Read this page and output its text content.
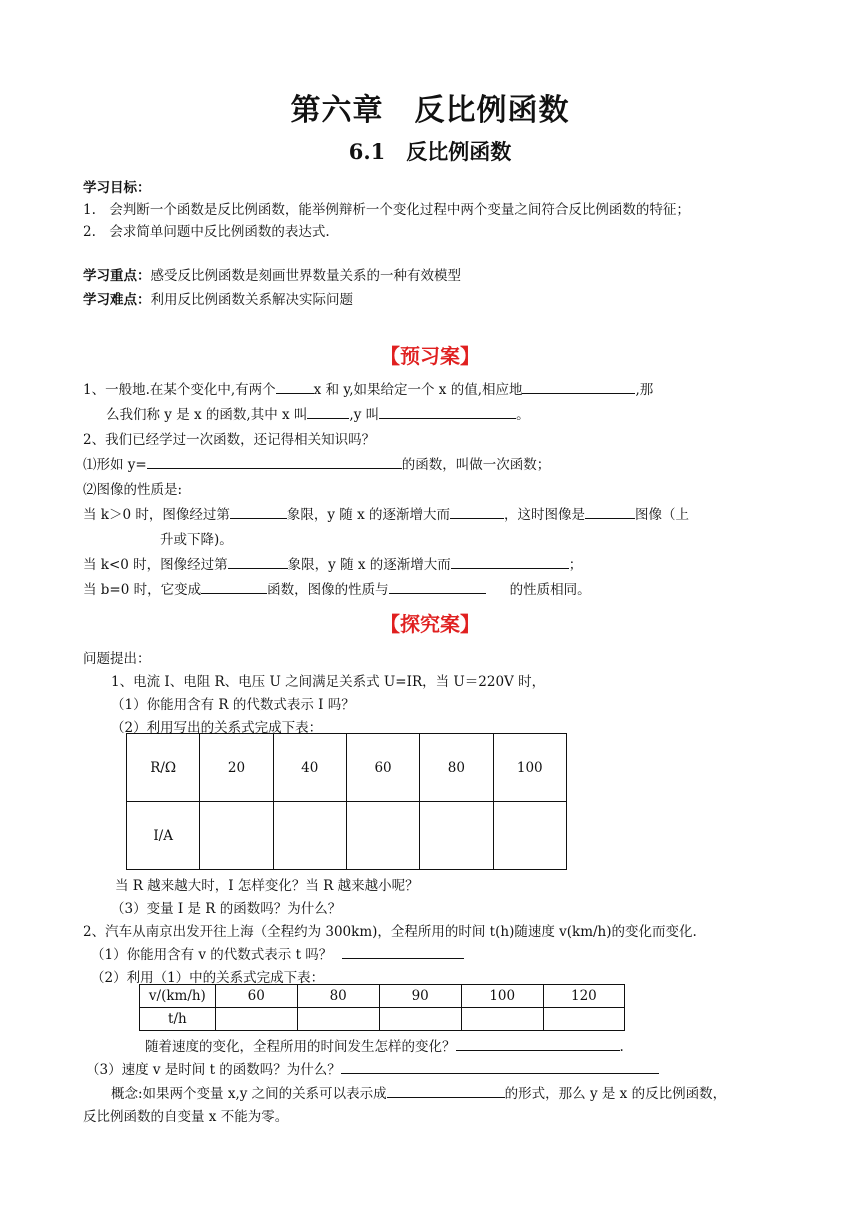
第六章　反比例函数
6.1　反比例函数
学习目标：
1.　会判断一个函数是反比例函数，能举例辩析一个变化过程中两个变量之间符合反比例函数的特征；
2.　会求简单问题中反比例函数的表达式.
学习重点：感受反比例函数是刻画世界数量关系的一种有效模型
学习难点：利用反比例函数关系解决实际问题
【预习案】
1、一般地.在某个变化中,有两个	x 和 y,如果给定一个 x 的值,相应地	,那
么我们称 y 是 x 的函数,其中 x 叫	,y 叫	。
2、我们已经学过一次函数，还记得相关知识吗？
⑴形如 y=	的函数，叫做一次函数；
⑵图像的性质是:
当 k＞0 时，图像经过第	象限，y 随 x 的逐渐增大而	，这时图像是	图像（上
升或下降)。
当 k<0 时，图像经过第	象限，y 随 x 的逐渐增大而	；
当 b=0 时，它变成	函数，图像的性质与	的性质相同。
【探究案】
问题提出：
1、电流 I、电阻 R、电压 U 之间满足关系式 U=IR，当 U＝220V 时，
（1）你能用含有 R 的代数式表示 I 吗？
（2）利用写出的关系式完成下表：
R/Ω	20	40	60	80	100
I/A					
当 R 越来越大时，I 怎样变化？当 R 越来越小呢？
（3）变量 I 是 R 的函数吗？为什么？
2、汽车从南京出发开往上海（全程约为 300km)，全程所用的时间 t(h)随速度 v(km/h)的变化而变化.
（1）你能用含有 v 的代数式表示 t 吗？
（2）利用（1）中的关系式完成下表：
v/(km/h)	60	80	90	100	120
t/h					
随着速度的变化，全程所用的时间发生怎样的变化？	.
（3）速度 v 是时间 t 的函数吗？为什么？
概念:如果两个变量 x,y 之间的关系可以表示成	的形式，那么 y 是 x 的反比例函数，
反比例函数的自变量 x 不能为零。
